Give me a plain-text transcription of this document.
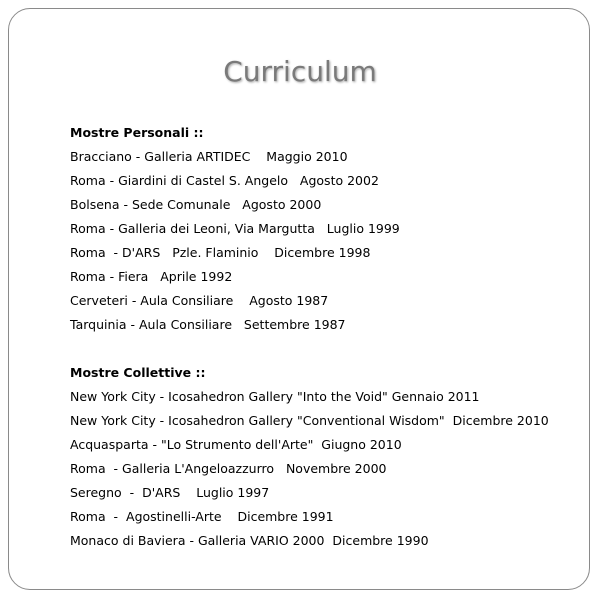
Curriculum
Mostre Personali ::
Bracciano - Galleria ARTIDEC    Maggio 2010
Roma - Giardini di Castel S. Angelo   Agosto 2002
Bolsena - Sede Comunale   Agosto 2000
Roma - Galleria dei Leoni, Via Margutta   Luglio 1999
Roma  - D'ARS   Pzle. Flaminio    Dicembre 1998
Roma - Fiera   Aprile 1992
Cerveteri - Aula Consiliare    Agosto 1987
Tarquinia - Aula Consiliare   Settembre 1987
Mostre Collettive ::
New York City - Icosahedron Gallery "Into the Void" Gennaio 2011
New York City - Icosahedron Gallery "Conventional Wisdom"  Dicembre 2010
Acquasparta - "Lo Strumento dell'Arte"  Giugno 2010
Roma  - Galleria L'Angeloazzurro   Novembre 2000
Seregno  -  D'ARS    Luglio 1997
Roma  -  Agostinelli-Arte    Dicembre 1991
Monaco di Baviera - Galleria VARIO 2000  Dicembre 1990
